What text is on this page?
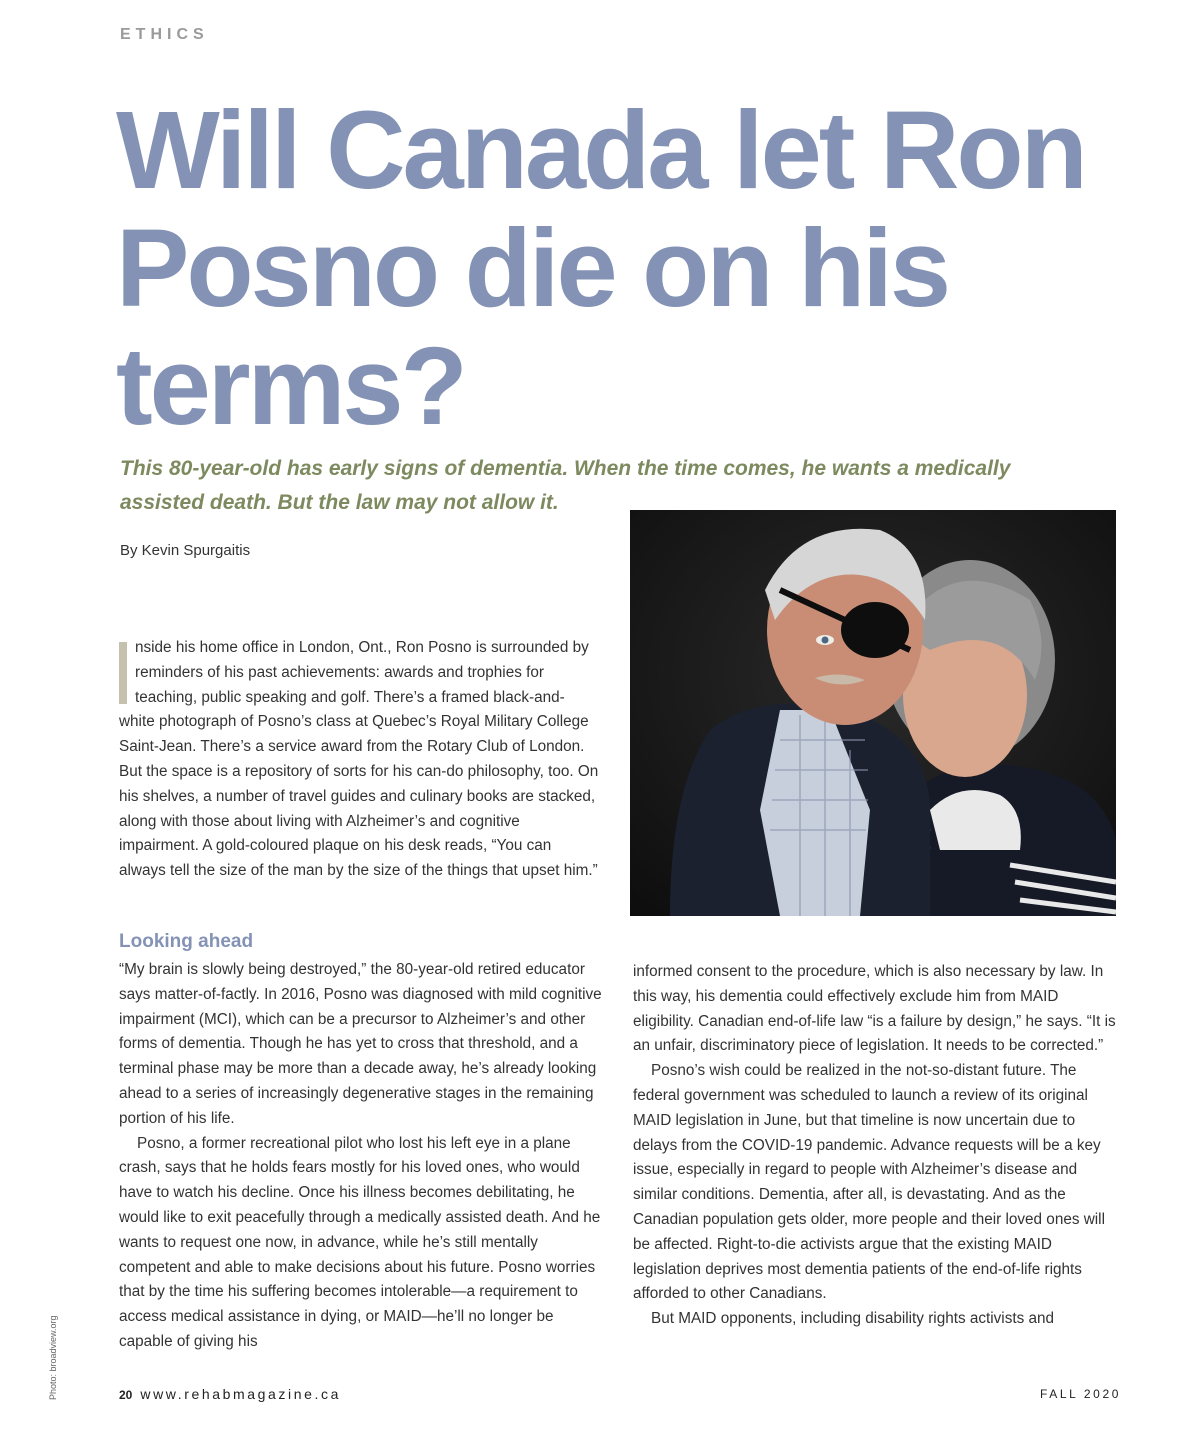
ETHICS
Will Canada let Ron Posno die on his terms?

This 80-year-old has early signs of dementia. When the time comes, he wants a medically assisted death. But the law may not allow it.

By Kevin Spurgaitis
nside his home office in London, Ont., Ron Posno is surrounded by reminders of his past achievements: awards and trophies for teaching, public speaking and golf. There’s a framed black-and-white photograph of Posno’s class at Quebec’s Royal Military College Saint-Jean. There’s a service award from the Rotary Club of London. But the space is a repository of sorts for his can-do philosophy, too. On his shelves, a number of travel guides and culinary books are stacked, along with those about living with Alzheimer’s and cognitive impairment. A gold-coloured plaque on his desk reads, “You can always tell the size of the man by the size of the things that upset him.”
Looking ahead

“My brain is slowly being destroyed,” the 80-year-old retired educator says matter-of-factly. In 2016, Posno was diagnosed with mild cognitive impairment (MCI), which can be a precursor to Alzheimer’s and other forms of dementia. Though he has yet to cross that threshold, and a terminal phase may be more than a decade away, he’s already looking ahead to a series of increasingly degenerative stages in the remaining portion of his life.

Posno, a former recreational pilot who lost his left eye in a plane crash, says that he holds fears mostly for his loved ones, who would have to watch his decline. Once his illness becomes debilitating, he would like to exit peacefully through a medically assisted death. And he wants to request one now, in advance, while he’s still mentally competent and able to make decisions about his future. Posno worries that by the time his suffering becomes intolerable—a requirement to access medical assistance in dying, or MAID—he’ll no longer be capable of giving his

informed consent to the procedure, which is also necessary by law. In this way, his dementia could effectively exclude him from MAID eligibility. Canadian end-of-life law “is a failure by design,” he says. “It is an unfair, discriminatory piece of legislation. It needs to be corrected.”

Posno’s wish could be realized in the not-so-distant future. The federal government was scheduled to launch a review of its original MAID legislation in June, but that timeline is now uncertain due to delays from the COVID-19 pandemic. Advance requests will be a key issue, especially in regard to people with Alzheimer’s disease and similar conditions. Dementia, after all, is devastating. And as the Canadian population gets older, more people and their loved ones will be affected. Right-to-die activists argue that the existing MAID legislation deprives most dementia patients of the end-of-life rights afforded to other Canadians.

But MAID opponents, including disability rights activists and

Photo: broadview.org	20 www.rehabmagazine.ca	FALL 2020
